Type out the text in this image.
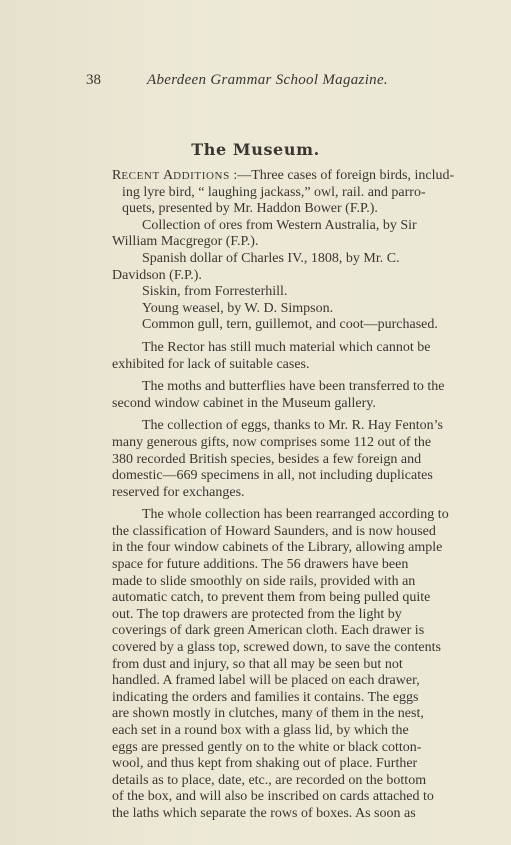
38	Aberdeen Grammar School Magazine.
The Museum.
RECENT ADDITIONS :—Three cases of foreign birds, includ-
ing lyre bird, “ laughing jackass,” owl, rail. and parro-
quets, presented by Mr. Haddon Bower (F.P.).
Collection of ores from Western Australia, by Sir
William Macgregor (F.P.).
Spanish dollar of Charles IV., 1808, by Mr. C.
Davidson (F.P.).
Siskin, from Forresterhill.
Young weasel, by W. D. Simpson.
Common gull, tern, guillemot, and coot—purchased.
The Rector has still much material which cannot be
exhibited for lack of suitable cases.
The moths and butterflies have been transferred to the
second window cabinet in the Museum gallery.
The collection of eggs, thanks to Mr. R. Hay Fenton’s
many generous gifts, now comprises some 112 out of the
380 recorded British species, besides a few foreign and
domestic—669 specimens in all, not including duplicates
reserved for exchanges.
The whole collection has been rearranged according to
the classification of Howard Saunders, and is now housed
in the four window cabinets of the Library, allowing ample
space for future additions. The 56 drawers have been
made to slide smoothly on side rails, provided with an
automatic catch, to prevent them from being pulled quite
out. The top drawers are protected from the light by
coverings of dark green American cloth. Each drawer is
covered by a glass top, screwed down, to save the contents
from dust and injury, so that all may be seen but not
handled. A framed label will be placed on each drawer,
indicating the orders and families it contains. The eggs
are shown mostly in clutches, many of them in the nest,
each set in a round box with a glass lid, by which the
eggs are pressed gently on to the white or black cotton-
wool, and thus kept from shaking out of place. Further
details as to place, date, etc., are recorded on the bottom
of the box, and will also be inscribed on cards attached to
the laths which separate the rows of boxes. As soon as
